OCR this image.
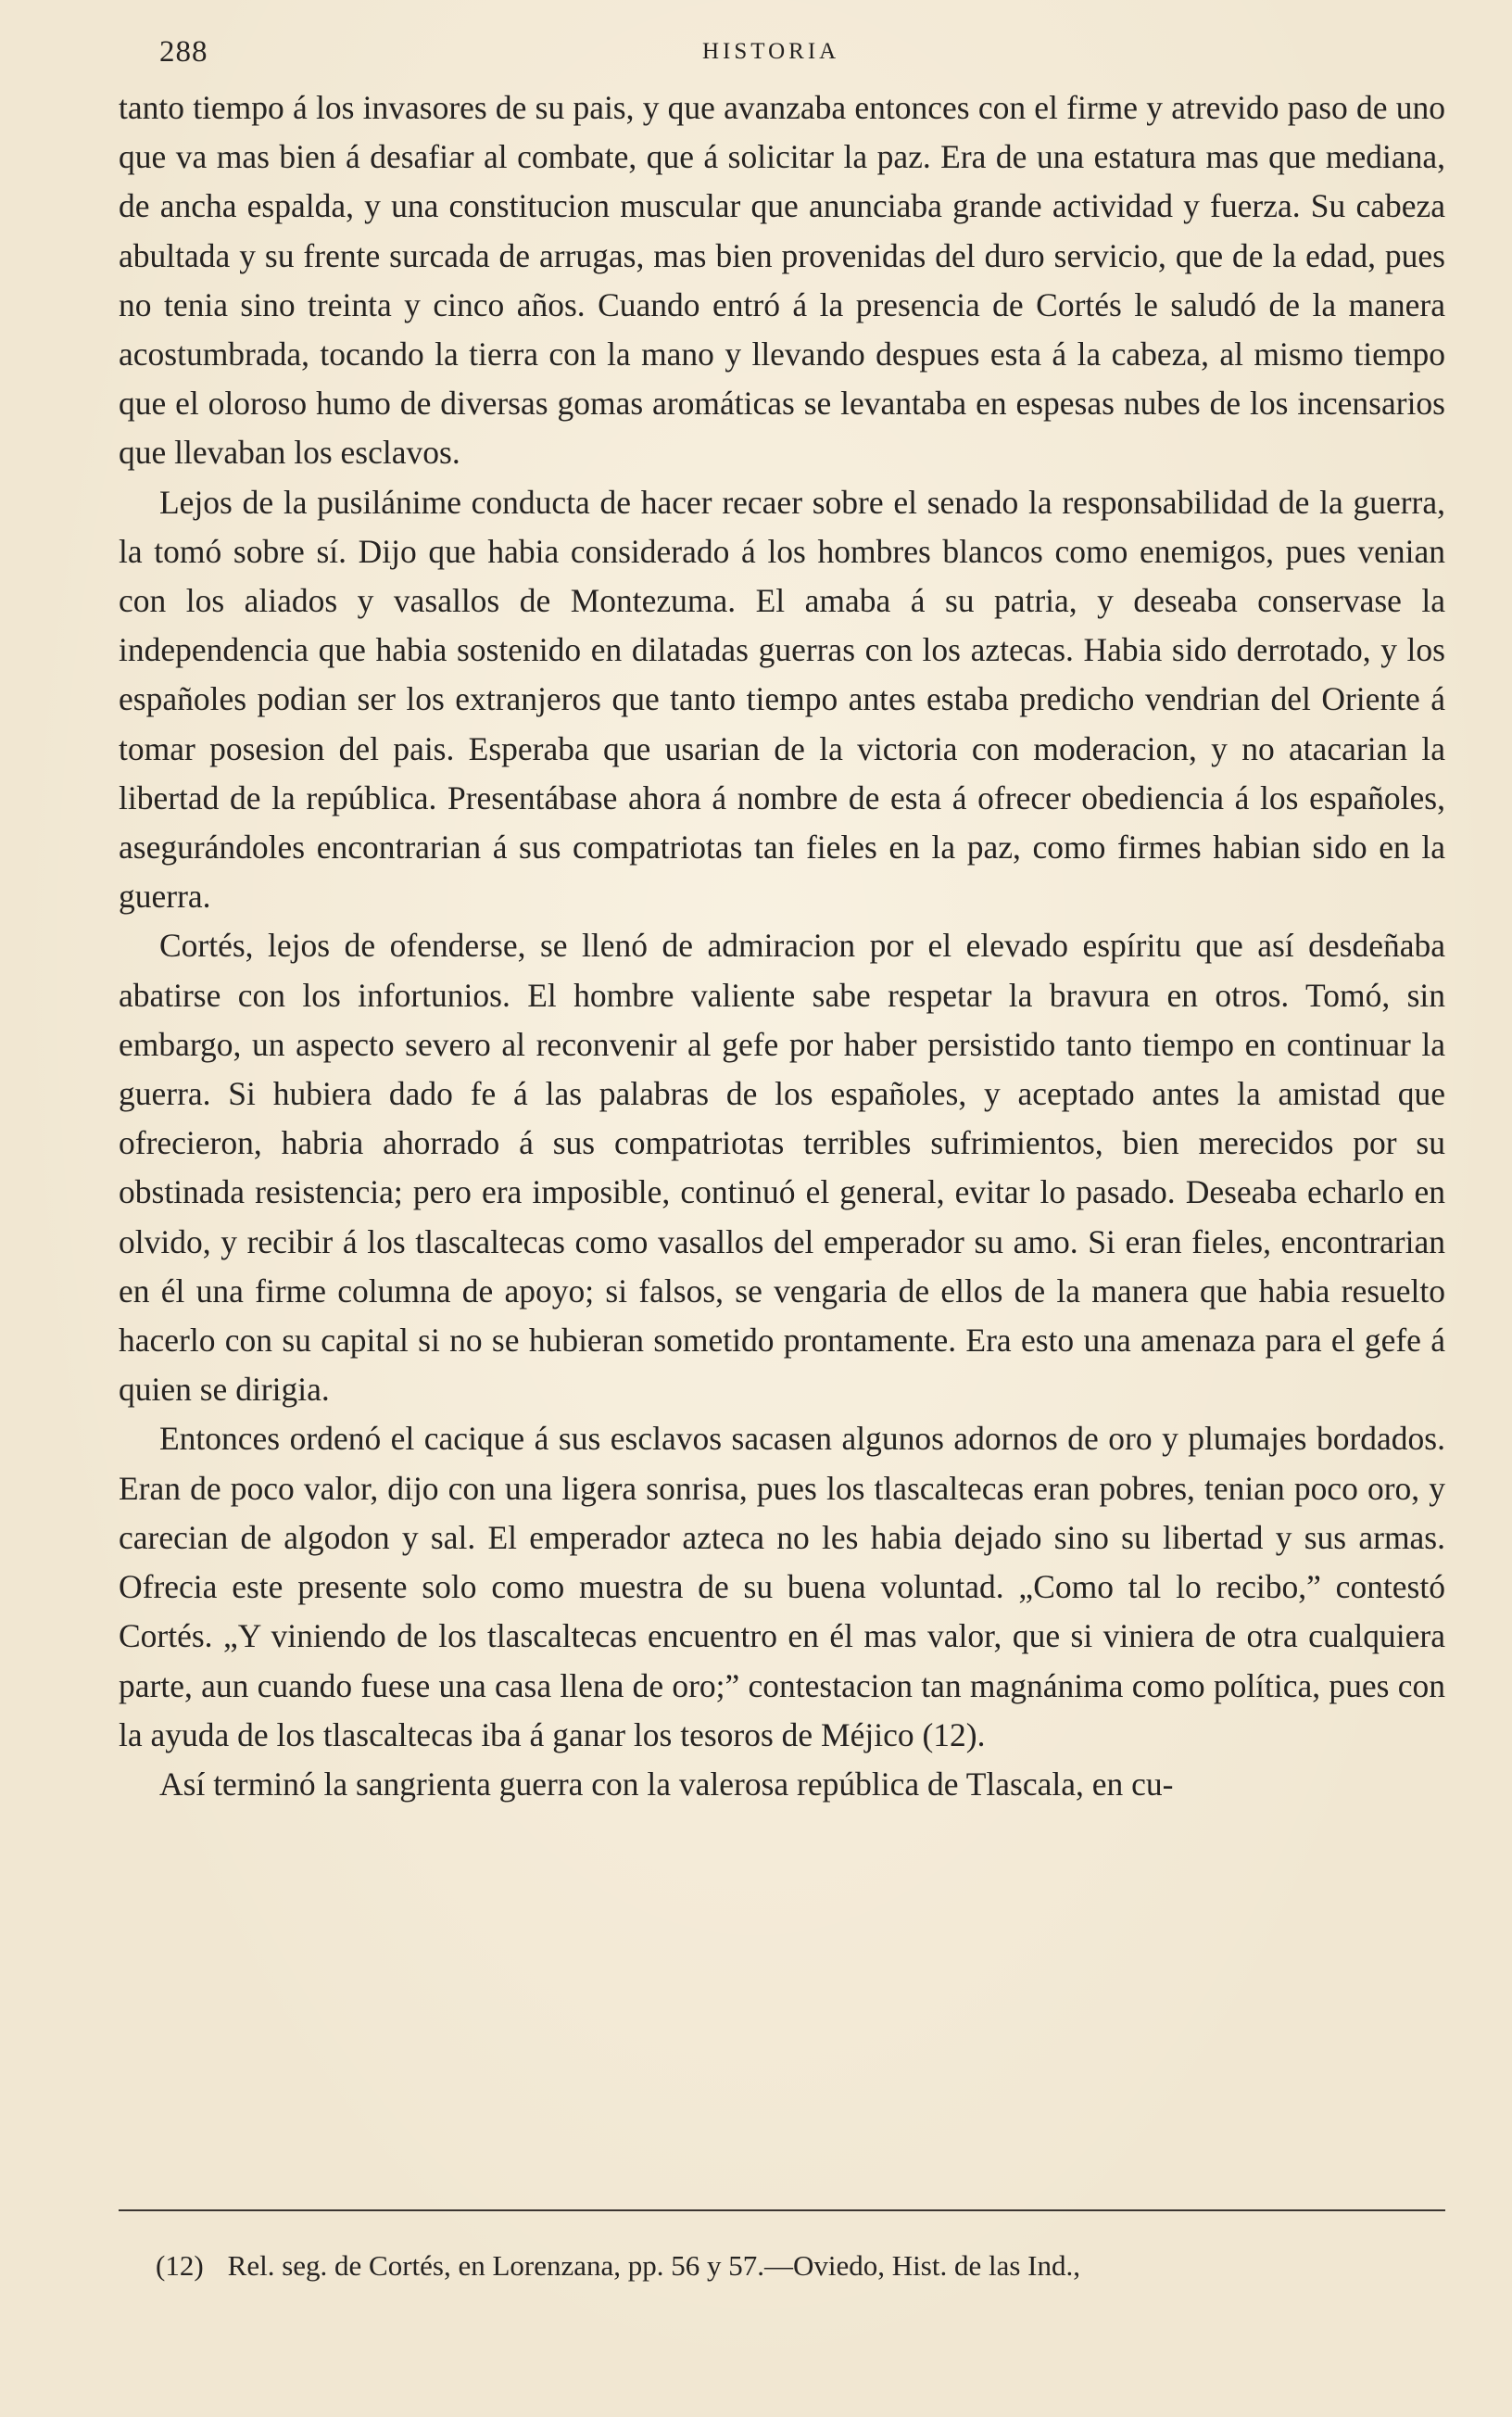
288	HISTORIA

tanto tiempo á los invasores de su pais, y que avanzaba entonces con el firme y atrevido paso de uno que va mas bien á desafiar al combate, que á solicitar la paz. Era de una estatura mas que mediana, de ancha espalda, y una constitucion muscular que anunciaba grande actividad y fuerza. Su cabeza abultada y su frente surcada de arrugas, mas bien provenidas del duro servicio, que de la edad, pues no tenia sino treinta y cinco años. Cuando entró á la presencia de Cortés le saludó de la manera acostumbrada, tocando la tierra con la mano y llevando despues esta á la cabeza, al mismo tiempo que el oloroso humo de diversas gomas aromáticas se levantaba en espesas nubes de los incensarios que llevaban los esclavos.

Lejos de la pusilánime conducta de hacer recaer sobre el senado la responsabilidad de la guerra, la tomó sobre sí. Dijo que habia considerado á los hombres blancos como enemigos, pues venian con los aliados y vasallos de Montezuma. El amaba á su patria, y deseaba conservase la independencia que habia sostenido en dilatadas guerras con los aztecas. Habia sido derrotado, y los españoles podian ser los extranjeros que tanto tiempo antes estaba predicho vendrian del Oriente á tomar posesion del pais. Esperaba que usarian de la victoria con moderacion, y no atacarian la libertad de la república. Presentábase ahora á nombre de esta á ofrecer obediencia á los españoles, asegurándoles encontrarian á sus compatriotas tan fieles en la paz, como firmes habian sido en la guerra.

Cortés, lejos de ofenderse, se llenó de admiracion por el elevado espíritu que así desdeñaba abatirse con los infortunios. El hombre valiente sabe respetar la bravura en otros. Tomó, sin embargo, un aspecto severo al reconvenir al gefe por haber persistido tanto tiempo en continuar la guerra. Si hubiera dado fe á las palabras de los españoles, y aceptado antes la amistad que ofrecieron, habria ahorrado á sus compatriotas terribles sufrimientos, bien merecidos por su obstinada resistencia; pero era imposible, continuó el general, evitar lo pasado. Deseaba echarlo en olvido, y recibir á los tlascaltecas como vasallos del emperador su amo. Si eran fieles, encontrarian en él una firme columna de apoyo; si falsos, se vengaria de ellos de la manera que habia resuelto hacerlo con su capital si no se hubieran sometido prontamente. Era esto una amenaza para el gefe á quien se dirigia.

Entonces ordenó el cacique á sus esclavos sacasen algunos adornos de oro y plumajes bordados. Eran de poco valor, dijo con una ligera sonrisa, pues los tlascaltecas eran pobres, tenian poco oro, y carecian de algodon y sal. El emperador azteca no les habia dejado sino su libertad y sus armas. Ofrecia este presente solo como muestra de su buena voluntad. „Como tal lo recibo,” contestó Cortés. „Y viniendo de los tlascaltecas encuentro en él mas valor, que si viniera de otra cualquiera parte, aun cuando fuese una casa llena de oro;” contestacion tan magnánima como política, pues con la ayuda de los tlascaltecas iba á ganar los tesoros de Méjico (12).

Así terminó la sangrienta guerra con la valerosa república de Tlascala, en cu-

(12) Rel. seg. de Cortés, en Lorenzana, pp. 56 y 57.—Oviedo, Hist. de las Ind.,
